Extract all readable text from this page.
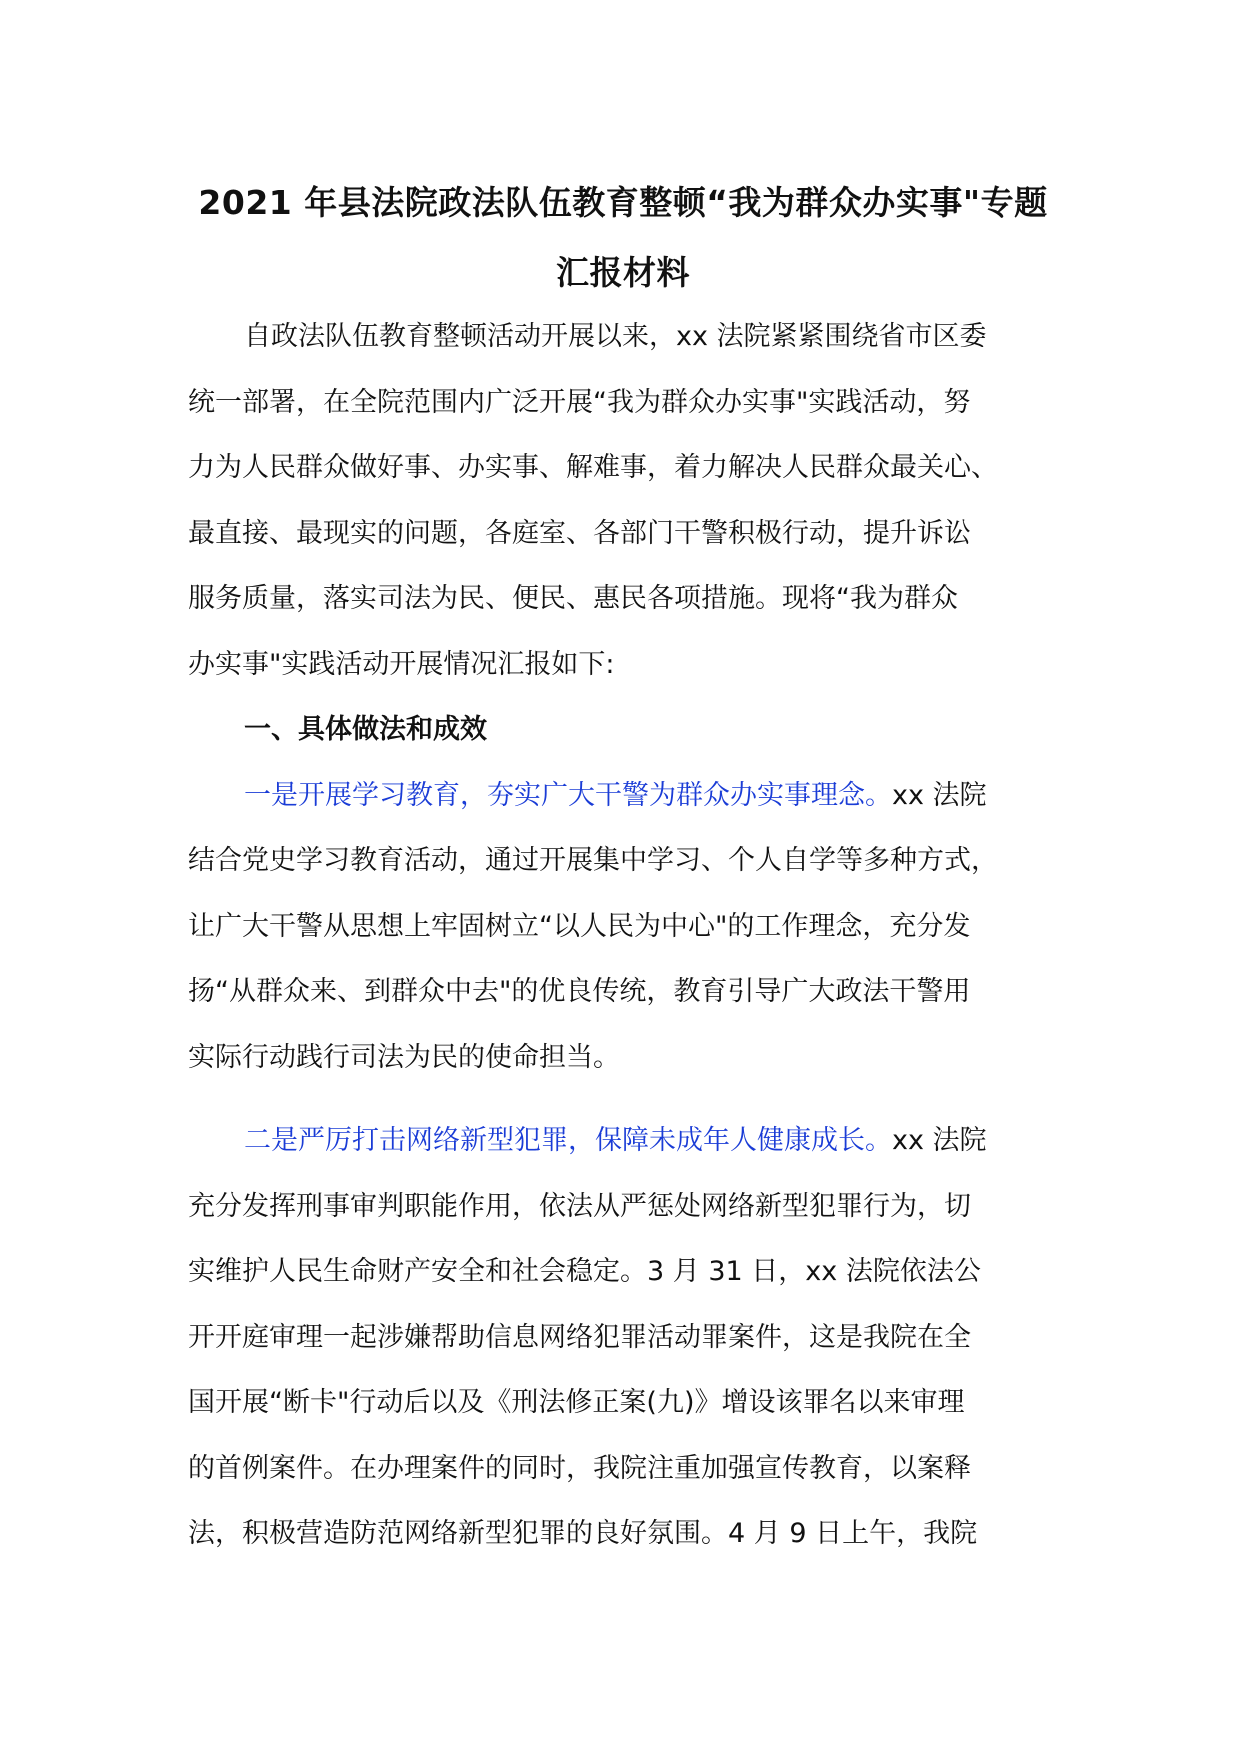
2021 年县法院政法队伍教育整顿“我为群众办实事"专题
汇报材料
自政法队伍教育整顿活动开展以来，xx 法院紧紧围绕省市区委
统一部署，在全院范围内广泛开展“我为群众办实事"实践活动，努
力为人民群众做好事、办实事、解难事，着力解决人民群众最关心、
最直接、最现实的问题，各庭室、各部门干警积极行动，提升诉讼
服务质量，落实司法为民、便民、惠民各项措施。现将“我为群众
办实事"实践活动开展情况汇报如下:
一、具体做法和成效
一是开展学习教育，夯实广大干警为群众办实事理念。xx 法院
结合党史学习教育活动，通过开展集中学习、个人自学等多种方式，
让广大干警从思想上牢固树立“以人民为中心"的工作理念，充分发
扬“从群众来、到群众中去"的优良传统，教育引导广大政法干警用
实际行动践行司法为民的使命担当。
二是严厉打击网络新型犯罪，保障未成年人健康成长。xx 法院
充分发挥刑事审判职能作用，依法从严惩处网络新型犯罪行为，切
实维护人民生命财产安全和社会稳定。3 月 31 日，xx 法院依法公
开开庭审理一起涉嫌帮助信息网络犯罪活动罪案件，这是我院在全
国开展“断卡"行动后以及《刑法修正案(九)》增设该罪名以来审理
的首例案件。在办理案件的同时，我院注重加强宣传教育，以案释
法，积极营造防范网络新型犯罪的良好氛围。4 月 9 日上午，我院
